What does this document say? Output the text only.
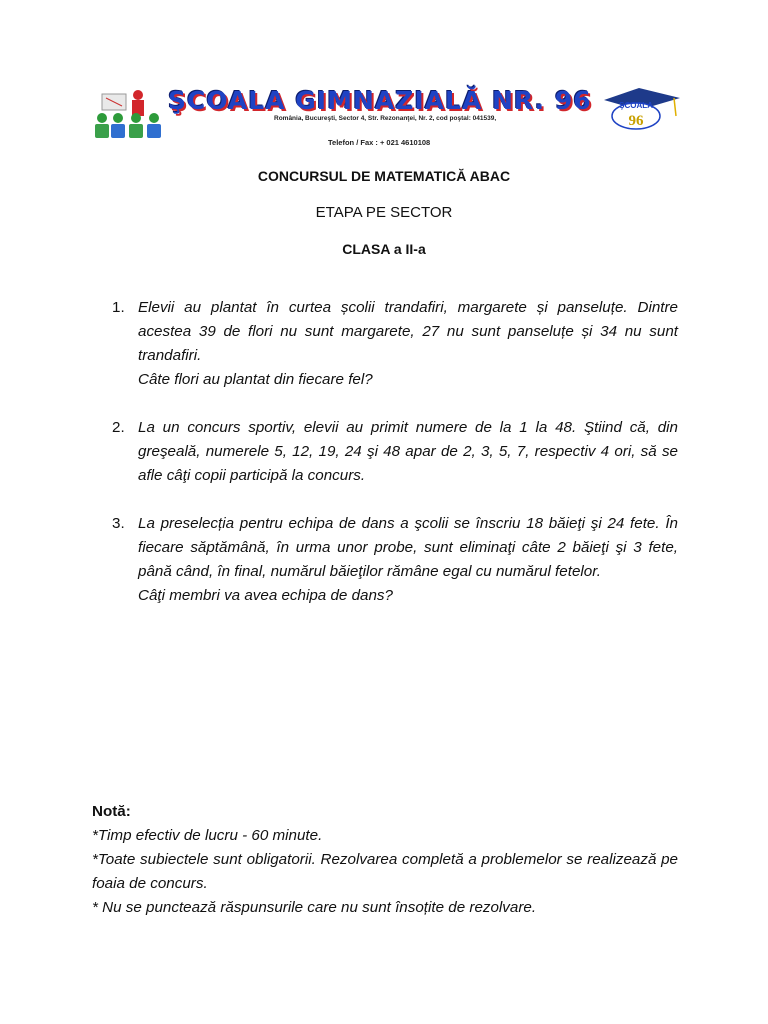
ŞCOALA GIMNAZIALĂ NR. 96
România, Bucureşti, Sector 4, Str. Rezonanţei, Nr. 2, cod poştal: 041539,
Telefon / Fax : + 021 4610108
ŞCOALA
96
CONCURSUL DE MATEMATICĂ ABAC
ETAPA PE SECTOR
CLASA a II-a
1. Elevii au plantat în curtea școlii trandafiri, margarete și panseluțe. Dintre acestea 39 de flori nu sunt margarete, 27 nu sunt panseluțe și 34 nu sunt trandafiri.
Câte flori au plantat din fiecare fel?
2. La un concurs sportiv, elevii au primit numere de la 1 la 48. Ştiind că, din greşeală, numerele 5, 12, 19, 24 şi 48 apar de 2, 3, 5, 7, respectiv 4 ori, să se afle câţi copii participă la concurs.
3. La preselecția pentru echipa de dans a şcolii se înscriu 18 băieţi şi 24 fete. În fiecare săptămână, în urma unor probe, sunt eliminaţi câte 2 băieţi şi 3 fete, până când, în final, numărul băieţilor rămâne egal cu numărul fetelor.
Câţi membri va avea echipa de dans?
Notă:
*Timp efectiv de lucru - 60 minute.
*Toate subiectele sunt obligatorii. Rezolvarea completă a problemelor se realizează pe foaia de concurs.
* Nu se punctează răspunsurile care nu sunt însoțite de rezolvare.
